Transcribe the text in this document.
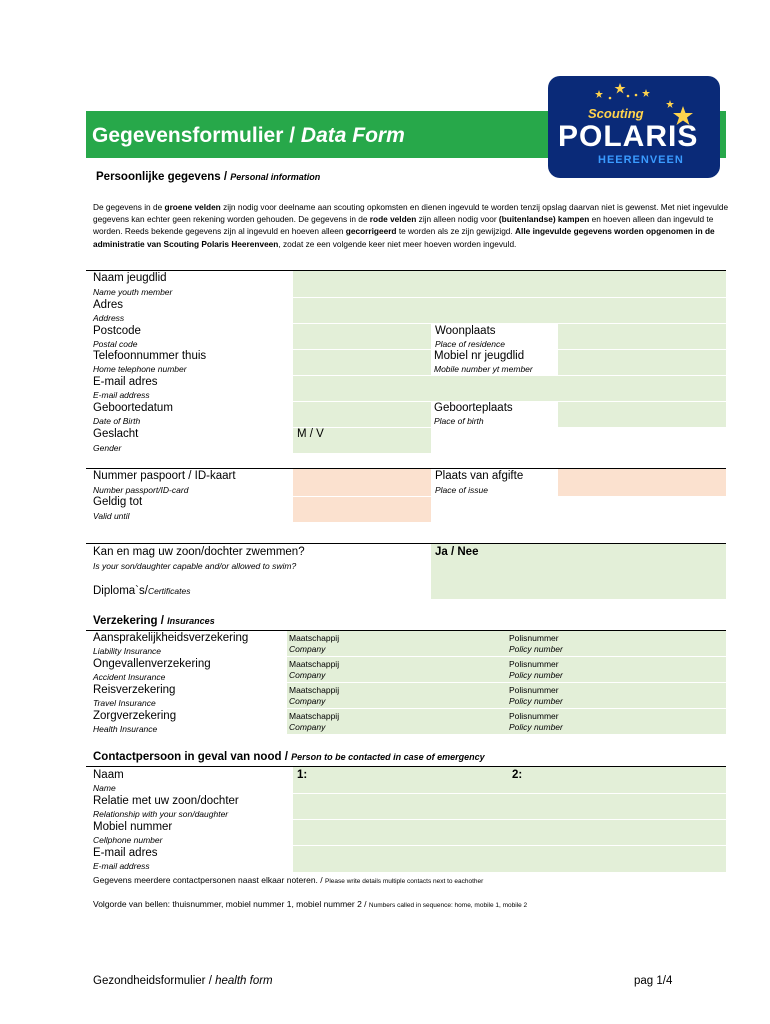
Gegevensformulier / Data Form
Scouting
POLARIS
HEERENVEEN
Persoonlijke gegevens / Personal information
De gegevens in de groene velden zijn nodig voor deelname aan scouting opkomsten en dienen ingevuld te worden tenzij opslag daarvan niet is gewenst. Met niet ingevulde gegevens kan echter geen rekening worden gehouden. De gegevens in de rode velden zijn alleen nodig voor (buitenlandse) kampen en hoeven alleen dan ingevuld te worden. Reeds bekende gegevens zijn al ingevuld en hoeven alleen gecorrigeerd te worden als ze zijn gewijzigd. Alle ingevulde gegevens worden opgenomen in de administratie van Scouting Polaris Heerenveen, zodat ze een volgende keer niet meer hoeven worden ingevuld.
Naam jeugdlid
Name youth member
Adres
Address
Postcode
Postal code
Woonplaats
Place of residence
Telefoonnummer thuis
Home telephone number
Mobiel nr jeugdlid
Mobile number yt member
E-mail adres
E-mail address
Geboortedatum
Date of Birth
Geboorteplaats
Place of birth
Geslacht
Gender
M / V
Nummer paspoort / ID-kaart
Number passport/ID-card
Plaats van afgifte
Place of issue
Geldig tot
Valid until
Kan en mag uw zoon/dochter zwemmen?
Is your son/daughter capable and/or allowed to swim?
Ja / Nee
Diploma`s/Certificates
Verzekering / Insurances
Aansprakelijkheidsverzekering
Liability Insurance
Ongevallenverzekering
Accident Insurance
Reisverzekering
Travel Insurance
Zorgverzekering
Health Insurance
Maatschappij
Company
Polisnummer
Policy number
Maatschappij
Company
Polisnummer
Policy number
Maatschappij
Company
Polisnummer
Policy number
Maatschappij
Company
Polisnummer
Policy number
Contactpersoon in geval van nood / Person to be contacted in case of emergency
1:	2:
Naam
Name
Relatie met uw zoon/dochter
Relationship with your son/daughter
Mobiel nummer
Cellphone number
E-mail adres
E-mail address
Gegevens meerdere contactpersonen naast elkaar noteren. / Please write details multiple contacts next to eachother
Volgorde van bellen: thuisnummer, mobiel nummer 1, mobiel nummer 2 / Numbers called in sequence: home, mobile 1, mobile 2
Gezondheidsformulier / health form	pag 1/4
